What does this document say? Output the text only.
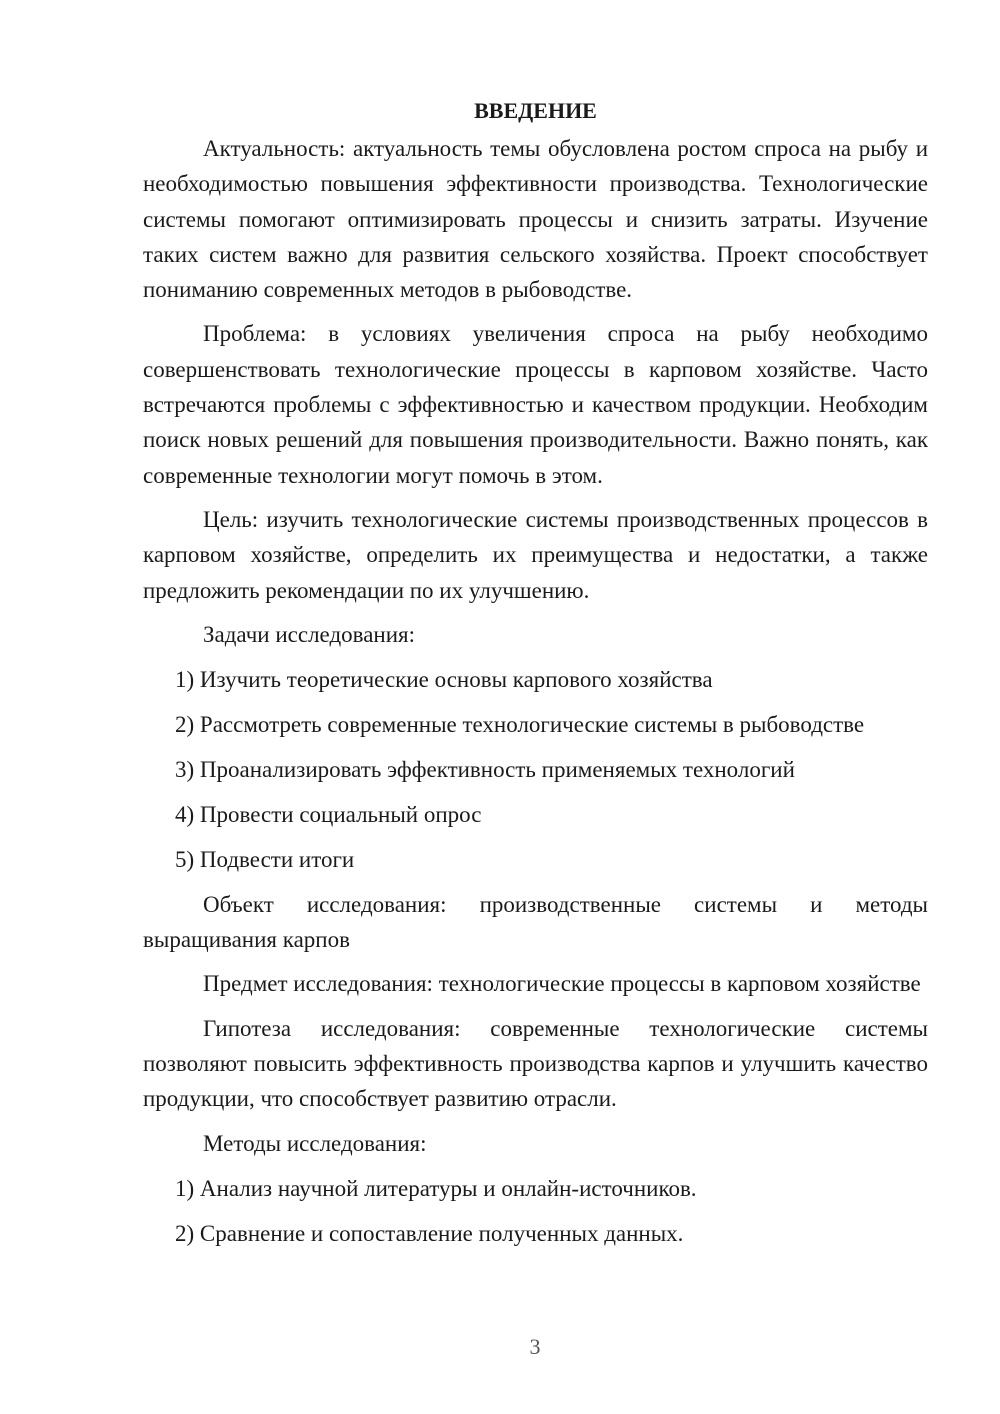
ВВЕДЕНИЕ

Актуальность: актуальность темы обусловлена ростом спроса на рыбу и необходимостью повышения эффективности производства. Технологические системы помогают оптимизировать процессы и снизить затраты. Изучение таких систем важно для развития сельского хозяйства. Проект способствует пониманию современных методов в рыбоводстве.

Проблема: в условиях увеличения спроса на рыбу необходимо совершенствовать технологические процессы в карповом хозяйстве. Часто встречаются проблемы с эффективностью и качеством продукции. Необходим поиск новых решений для повышения производительности. Важно понять, как современные технологии могут помочь в этом.

Цель: изучить технологические системы производственных процессов в карповом хозяйстве, определить их преимущества и недостатки, а также предложить рекомендации по их улучшению.

Задачи исследования:

1) Изучить теоретические основы карпового хозяйства
2) Рассмотреть современные технологические системы в рыбоводстве
3) Проанализировать эффективность применяемых технологий
4) Провести социальный опрос
5) Подвести итоги

Объект исследования: производственные системы и методы выращивания карпов

Предмет исследования: технологические процессы в карповом хозяйстве

Гипотеза исследования: современные технологические системы позволяют повысить эффективность производства карпов и улучшить качество продукции, что способствует развитию отрасли.

Методы исследования:

1) Анализ научной литературы и онлайн-источников.
2) Сравнение и сопоставление полученных данных.
3
